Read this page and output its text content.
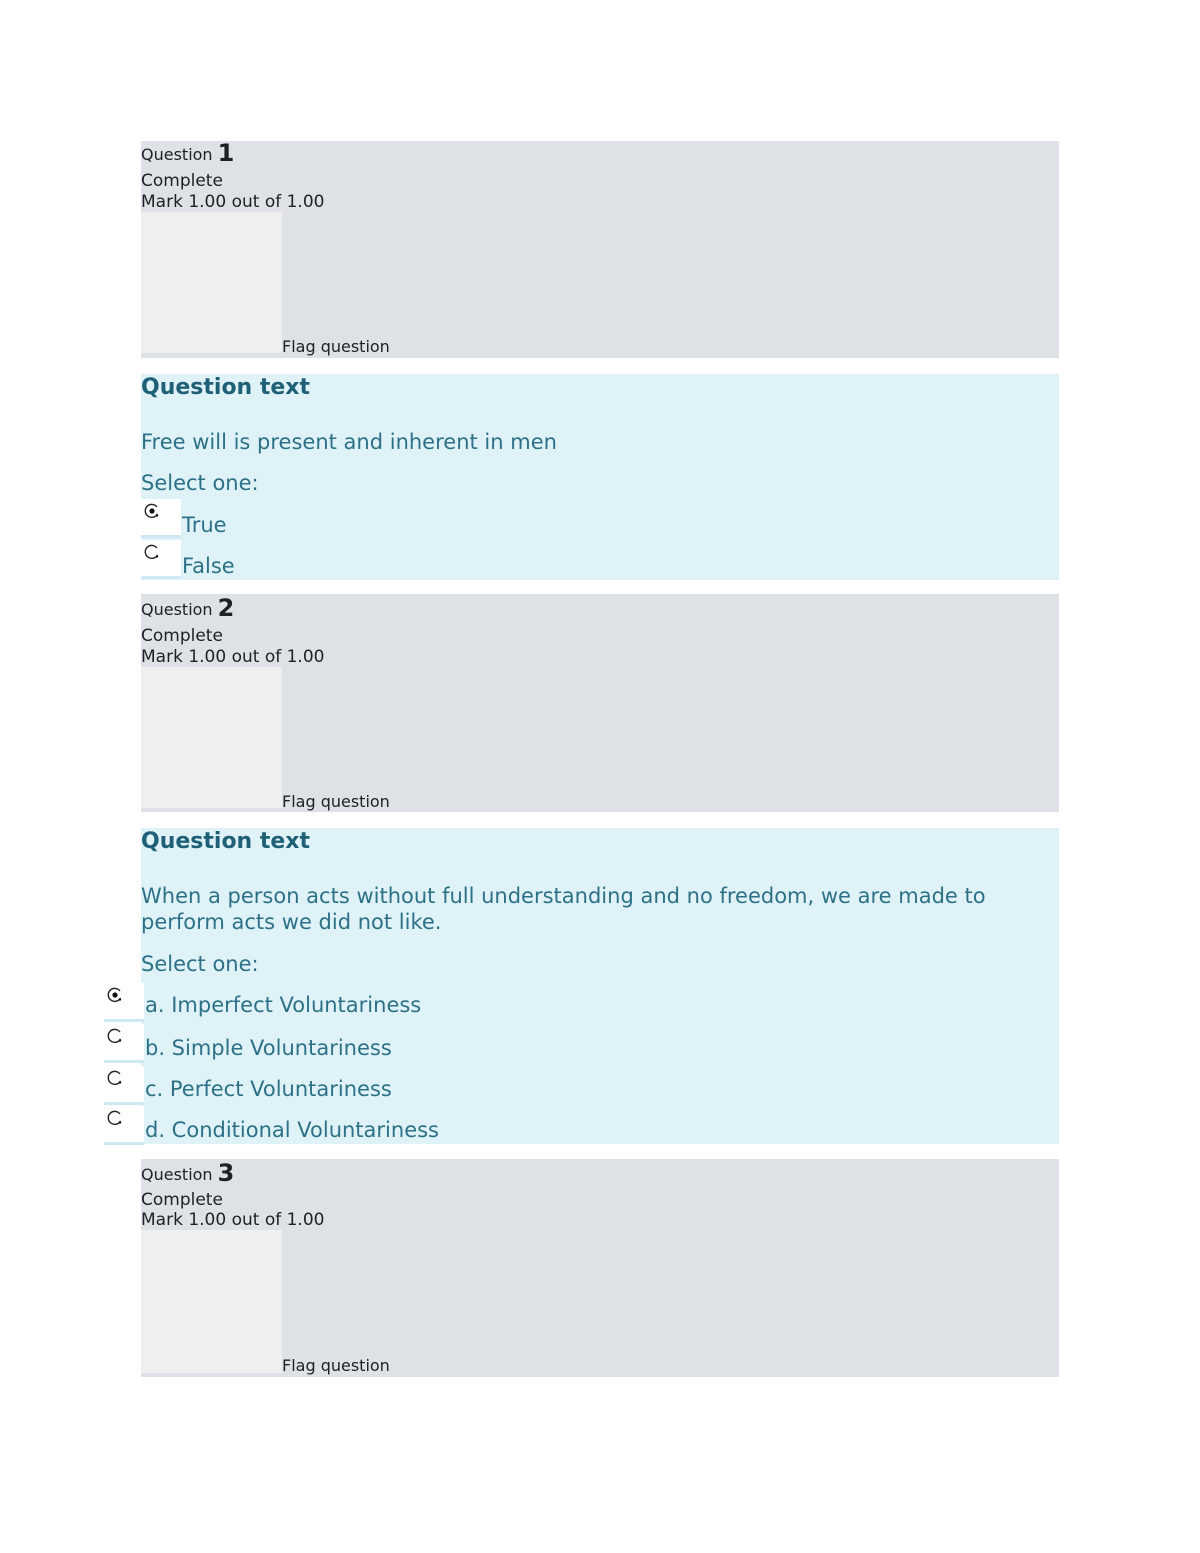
Question 1
Complete
Mark 1.00 out of 1.00
Flag question
Question text
Free will is present and inherent in men
Select one:
True
False
Question 2
Complete
Mark 1.00 out of 1.00
Flag question
Question text
When a person acts without full understanding and no freedom, we are made to
perform acts we did not like.
Select one:
a. Imperfect Voluntariness
b. Simple Voluntariness
c. Perfect Voluntariness
d. Conditional Voluntariness
Question 3
Complete
Mark 1.00 out of 1.00
Flag question
